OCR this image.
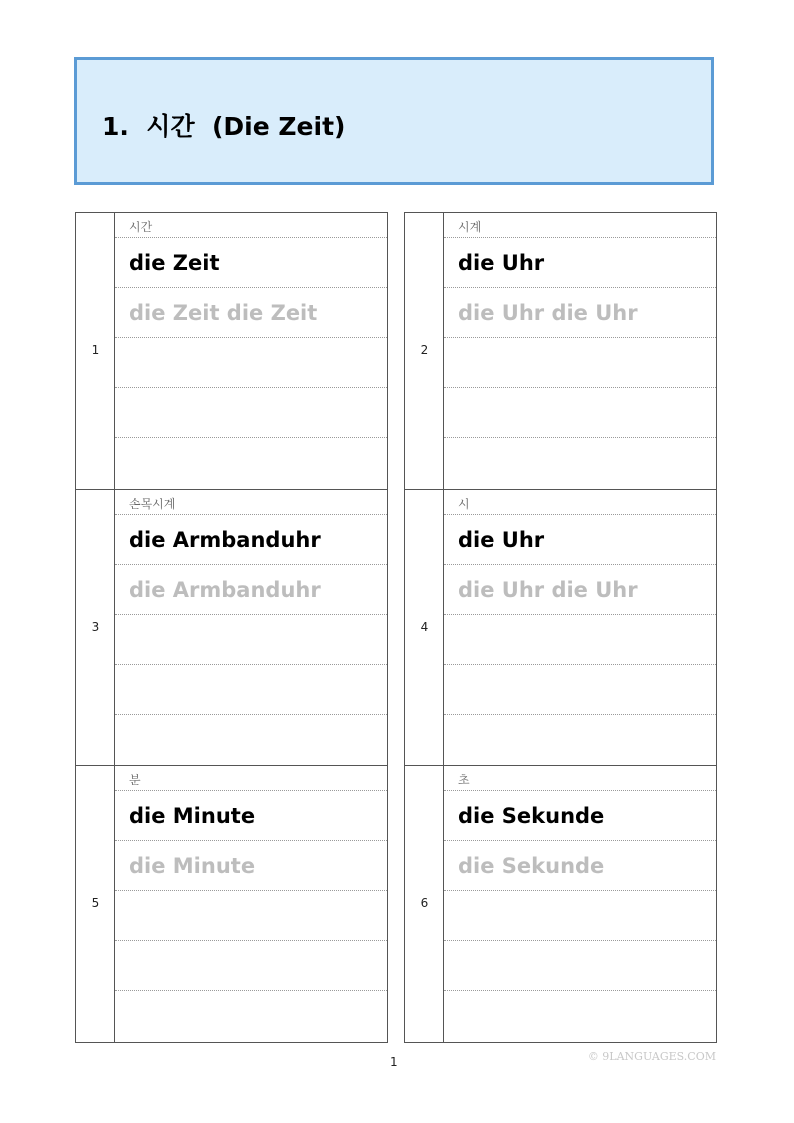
1.  시간  (Die Zeit)
1
시간
die Zeit
die Zeit die Zeit
2
시계
die Uhr
die Uhr die Uhr
3
손목시계
die Armbanduhr
die Armbanduhr
4
시
die Uhr
die Uhr die Uhr
5
분
die Minute
die Minute
6
초
die Sekunde
die Sekunde
1	© 9LANGUAGES.COM
